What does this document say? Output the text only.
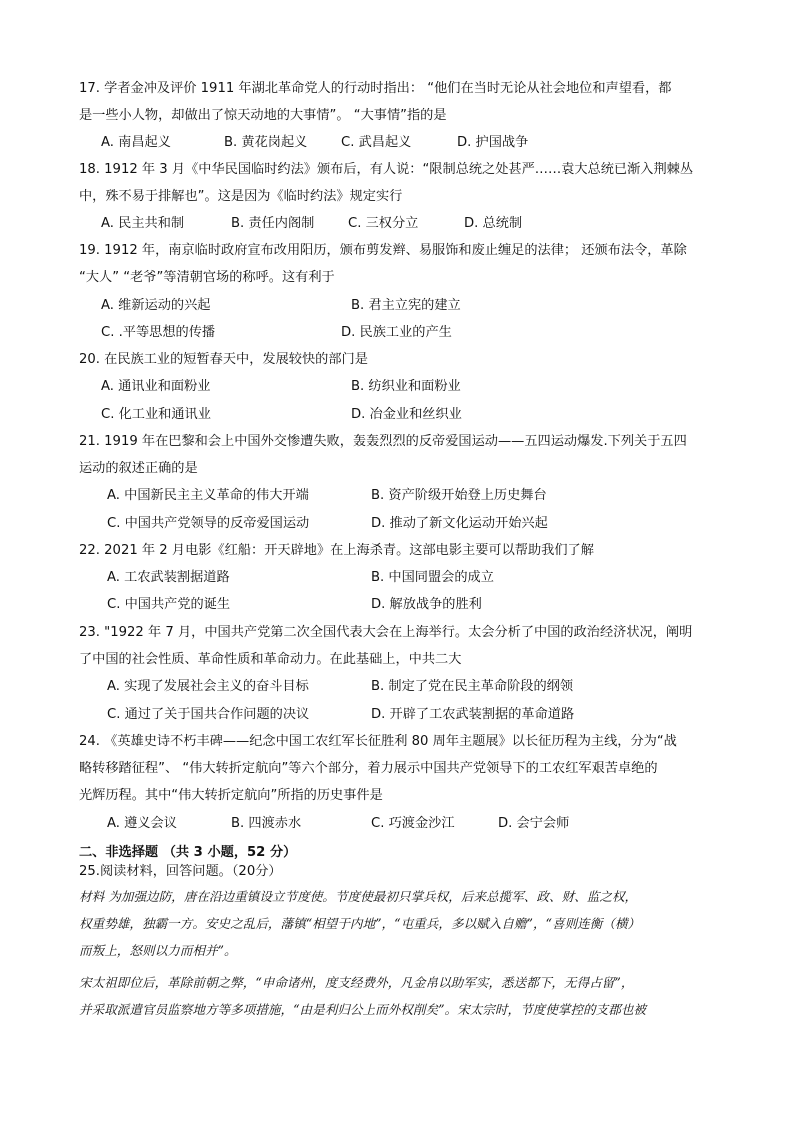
17. 学者金冲及评价 1911 年湖北革命党人的行动时指出： “他们在当时无论从社会地位和声望看，都
是一些小人物，却做出了惊天动地的大事情”。 “大事情”指的是
A. 南昌起义	B. 黄花岗起义	C. 武昌起义	D. 护国战争
18. 1912 年 3 月《中华民国临时约法》颁布后，有人说：“限制总统之处甚严……袁大总统已渐入荆棘丛
中，殊不易于排解也”。这是因为《临时约法》规定实行
A. 民主共和制	B. 责任内阁制	C. 三权分立	D. 总统制
19. 1912 年，南京临时政府宣布改用阳历，颁布剪发辫、易服饰和废止缠足的法律； 还颁布法令，革除
“大人” “老爷”等清朝官场的称呼。这有利于
A. 维新运动的兴起	B. 君主立宪的建立
C. .平等思想的传播	D. 民族工业的产生
20. 在民族工业的短暂春天中，发展较快的部门是
A. 通讯业和面粉业	B. 纺织业和面粉业
C. 化工业和通讯业	D. 冶金业和丝织业
21. 1919 年在巴黎和会上中国外交惨遭失败，轰轰烈烈的反帝爱国运动——五四运动爆发.下列关于五四
运动的叙述正确的是
A. 中国新民主主义革命的伟大开端	B. 资产阶级开始登上历史舞台
C. 中国共产党领导的反帝爱国运动	D. 推动了新文化运动开始兴起
22. 2021 年 2 月电影《红船：开天辟地》在上海杀青。这部电影主要可以帮助我们了解
A. 工农武装割据道路	B. 中国同盟会的成立
C. 中国共产党的诞生	D. 解放战争的胜利
23. "1922 年 7 月，中国共产党第二次全国代表大会在上海举行。太会分析了中国的政治经济状况，阐明
了中国的社会性质、革命性质和革命动力。在此基础上，中共二大
A. 实现了发展社会主义的奋斗目标	B. 制定了党在民主革命阶段的纲领
C. 通过了关于国共合作问题的决议	D. 开辟了工农武装割据的革命道路
24. 《英雄史诗不朽丰碑——纪念中国工农红军长征胜利 80 周年主题展》以长征历程为主线，分为“战
略转移踏征程”、 “伟大转折定航向”等六个部分，着力展示中国共产党领导下的工农红军艰苦卓绝的
光辉历程。其中“伟大转折定航向”所指的历史事件是
A. 遵义会议	B. 四渡赤水	C. 巧渡金沙江	D. 会宁会师
二、非选择题 （共 3 小题，52 分）
25.阅读材料，回答问题。（20分）
材料 为加强边防，唐在沿边重镇设立节度使。节度使最初只掌兵权，后来总揽军、政、财、监之权，
权重势雄，独霸一方。安史之乱后，藩镇“相望于内地”，“屯重兵，多以赋入自赡”，“喜则连衡（横）
而叛上，怒则以力而相并”。
宋太祖即位后，革除前朝之弊，“申命诸州，度支经费外，凡金帛以助军实，悉送都下，无得占留”，
并采取派遣官员监察地方等多项措施，“由是利归公上而外权削矣”。宋太宗时，节度使掌控的支郡也被
